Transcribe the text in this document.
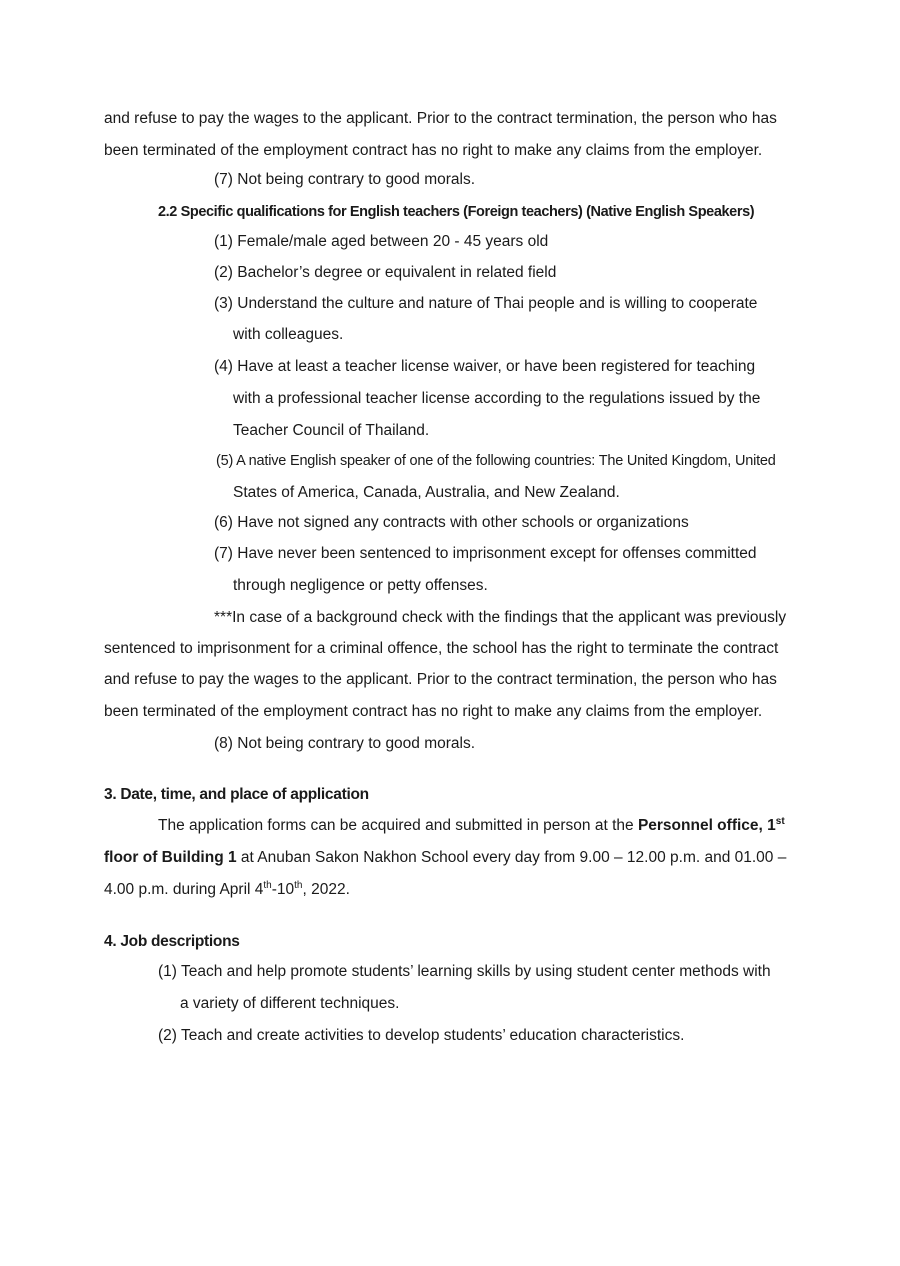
and refuse to pay the wages to the applicant. Prior to the contract termination, the person who has

been terminated of the employment contract has no right to make any claims from the employer.

(7) Not being contrary to good morals.

2.2 Specific qualifications for English teachers (Foreign teachers) (Native English Speakers)

(1) Female/male aged between 20 - 45 years old

(2) Bachelor’s degree or equivalent in related field

(3) Understand the culture and nature of Thai people and is willing to cooperate

with colleagues.

(4) Have at least a teacher license waiver, or have been registered for teaching

with a professional teacher license according to the regulations issued by the

Teacher Council of Thailand.

(5) A native English speaker of one of the following countries: The United Kingdom, United

States of America, Canada, Australia, and New Zealand.

(6) Have not signed any contracts with other schools or organizations

(7) Have never been sentenced to imprisonment except for offenses committed

through negligence or petty offenses.

***In case of a background check with the findings that the applicant was previously

sentenced to imprisonment for a criminal offence, the school has the right to terminate the contract

and refuse to pay the wages to the applicant. Prior to the contract termination, the person who has

been terminated of the employment contract has no right to make any claims from the employer.

(8) Not being contrary to good morals.

3. Date, time, and place of application

The application forms can be acquired and submitted in person at the Personnel office, 1st

floor of Building 1 at Anuban Sakon Nakhon School every day from 9.00 – 12.00 p.m. and 01.00 –

4.00 p.m. during April 4th-10th, 2022.

4. Job descriptions

(1) Teach and help promote students’ learning skills by using student center methods with

a variety of different techniques.

(2) Teach and create activities to develop students’ education characteristics.
